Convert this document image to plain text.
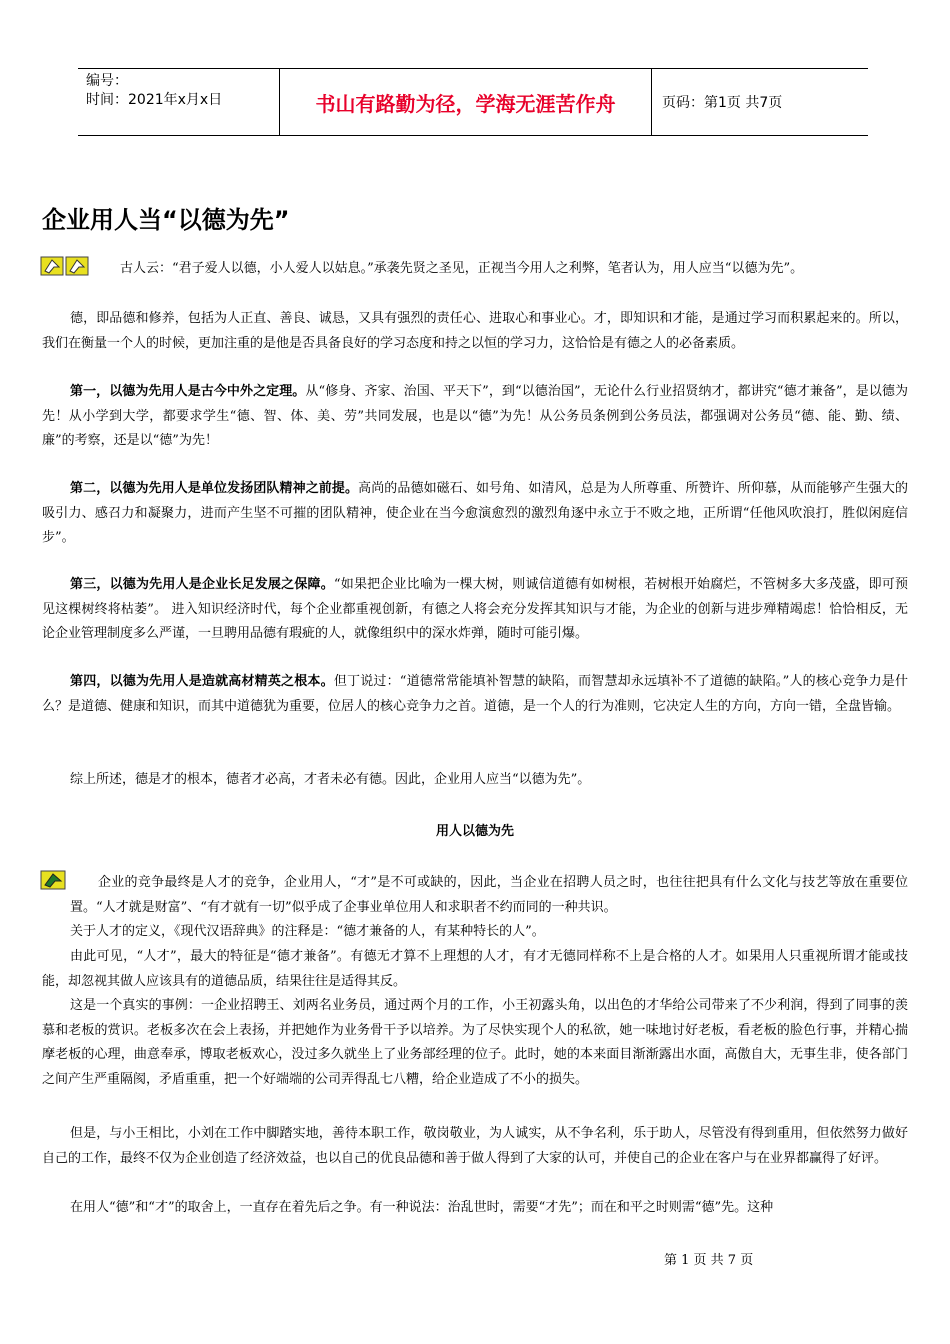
编号：
时间：2021年x月x日	书山有路勤为径，学海无涯苦作舟	页码：第1页 共7页
企业用人当“以德为先”

古人云：“君子爱人以德，小人爱人以姑息。”承袭先贤之圣见，正视当今用人之利弊，笔者认为，用人应当“以德为先”。

德，即品德和修养，包括为人正直、善良、诚恳，又具有强烈的责任心、进取心和事业心。才，即知识和才能，是通过学习而积累起来的。所以，我们在衡量一个人的时候，更加注重的是他是否具备良好的学习态度和持之以恒的学习力，这恰恰是有德之人的必备素质。

第一，以德为先用人是古今中外之定理。从“修身、齐家、治国、平天下”，到“以德治国”，无论什么行业招贤纳才，都讲究“德才兼备”，是以德为先！从小学到大学，都要求学生“德、智、体、美、劳”共同发展，也是以“德”为先！从公务员条例到公务员法，都强调对公务员“德、能、勤、绩、廉”的考察，还是以“德”为先！

第二，以德为先用人是单位发扬团队精神之前提。高尚的品德如磁石、如号角、如清风，总是为人所尊重、所赞许、所仰慕，从而能够产生强大的吸引力、感召力和凝聚力，进而产生坚不可摧的团队精神，使企业在当今愈演愈烈的激烈角逐中永立于不败之地，正所谓“任他风吹浪打，胜似闲庭信步”。

第三，以德为先用人是企业长足发展之保障。“如果把企业比喻为一棵大树，则诚信道德有如树根，若树根开始腐烂，不管树多大多茂盛，即可预见这棵树终将枯萎”。 进入知识经济时代，每个企业都重视创新，有德之人将会充分发挥其知识与才能，为企业的创新与进步殚精竭虑！恰恰相反，无论企业管理制度多么严谨，一旦聘用品德有瑕疵的人，就像组织中的深水炸弹，随时可能引爆。

第四，以德为先用人是造就高材精英之根本。但丁说过：“道德常常能填补智慧的缺陷，而智慧却永远填补不了道德的缺陷。”人的核心竞争力是什么？是道德、健康和知识，而其中道德犹为重要，位居人的核心竞争力之首。道德，是一个人的行为准则，它决定人生的方向，方向一错，全盘皆输。

综上所述，德是才的根本，德者才必高，才者未必有德。因此，企业用人应当“以德为先”。

用人以德为先

企业的竞争最终是人才的竞争，企业用人，“才”是不可或缺的，因此，当企业在招聘人员之时，也往往把具有什么文化与技艺等放在重要位置。“人才就是财富”、“有才就有一切”似乎成了企事业单位用人和求职者不约而同的一种共识。

关于人才的定义，《现代汉语辞典》的注释是：“德才兼备的人，有某种特长的人”。

由此可见，“人才”，最大的特征是“德才兼备”。有德无才算不上理想的人才，有才无德同样称不上是合格的人才。如果用人只重视所谓才能或技能，却忽视其做人应该具有的道德品质，结果往往是适得其反。

这是一个真实的事例：一企业招聘王、刘两名业务员，通过两个月的工作，小王初露头角，以出色的才华给公司带来了不少利润，得到了同事的羡慕和老板的赏识。老板多次在会上表扬，并把她作为业务骨干予以培养。为了尽快实现个人的私欲，她一味地讨好老板，看老板的脸色行事，并精心揣摩老板的心理，曲意奉承，博取老板欢心，没过多久就坐上了业务部经理的位子。此时，她的本来面目渐渐露出水面，高傲自大，无事生非，使各部门之间产生严重隔阂，矛盾重重，把一个好端端的公司弄得乱七八糟，给企业造成了不小的损失。

但是，与小王相比，小刘在工作中脚踏实地，善待本职工作，敬岗敬业，为人诚实，从不争名利，乐于助人，尽管没有得到重用，但依然努力做好自己的工作，最终不仅为企业创造了经济效益，也以自己的优良品德和善于做人得到了大家的认可，并使自己的企业在客户与在业界都赢得了好评。

在用人“德”和“才”的取舍上，一直存在着先后之争。有一种说法：治乱世时，需要“才先”；而在和平之时则需“德”先。这种

第 1 页 共 7 页
